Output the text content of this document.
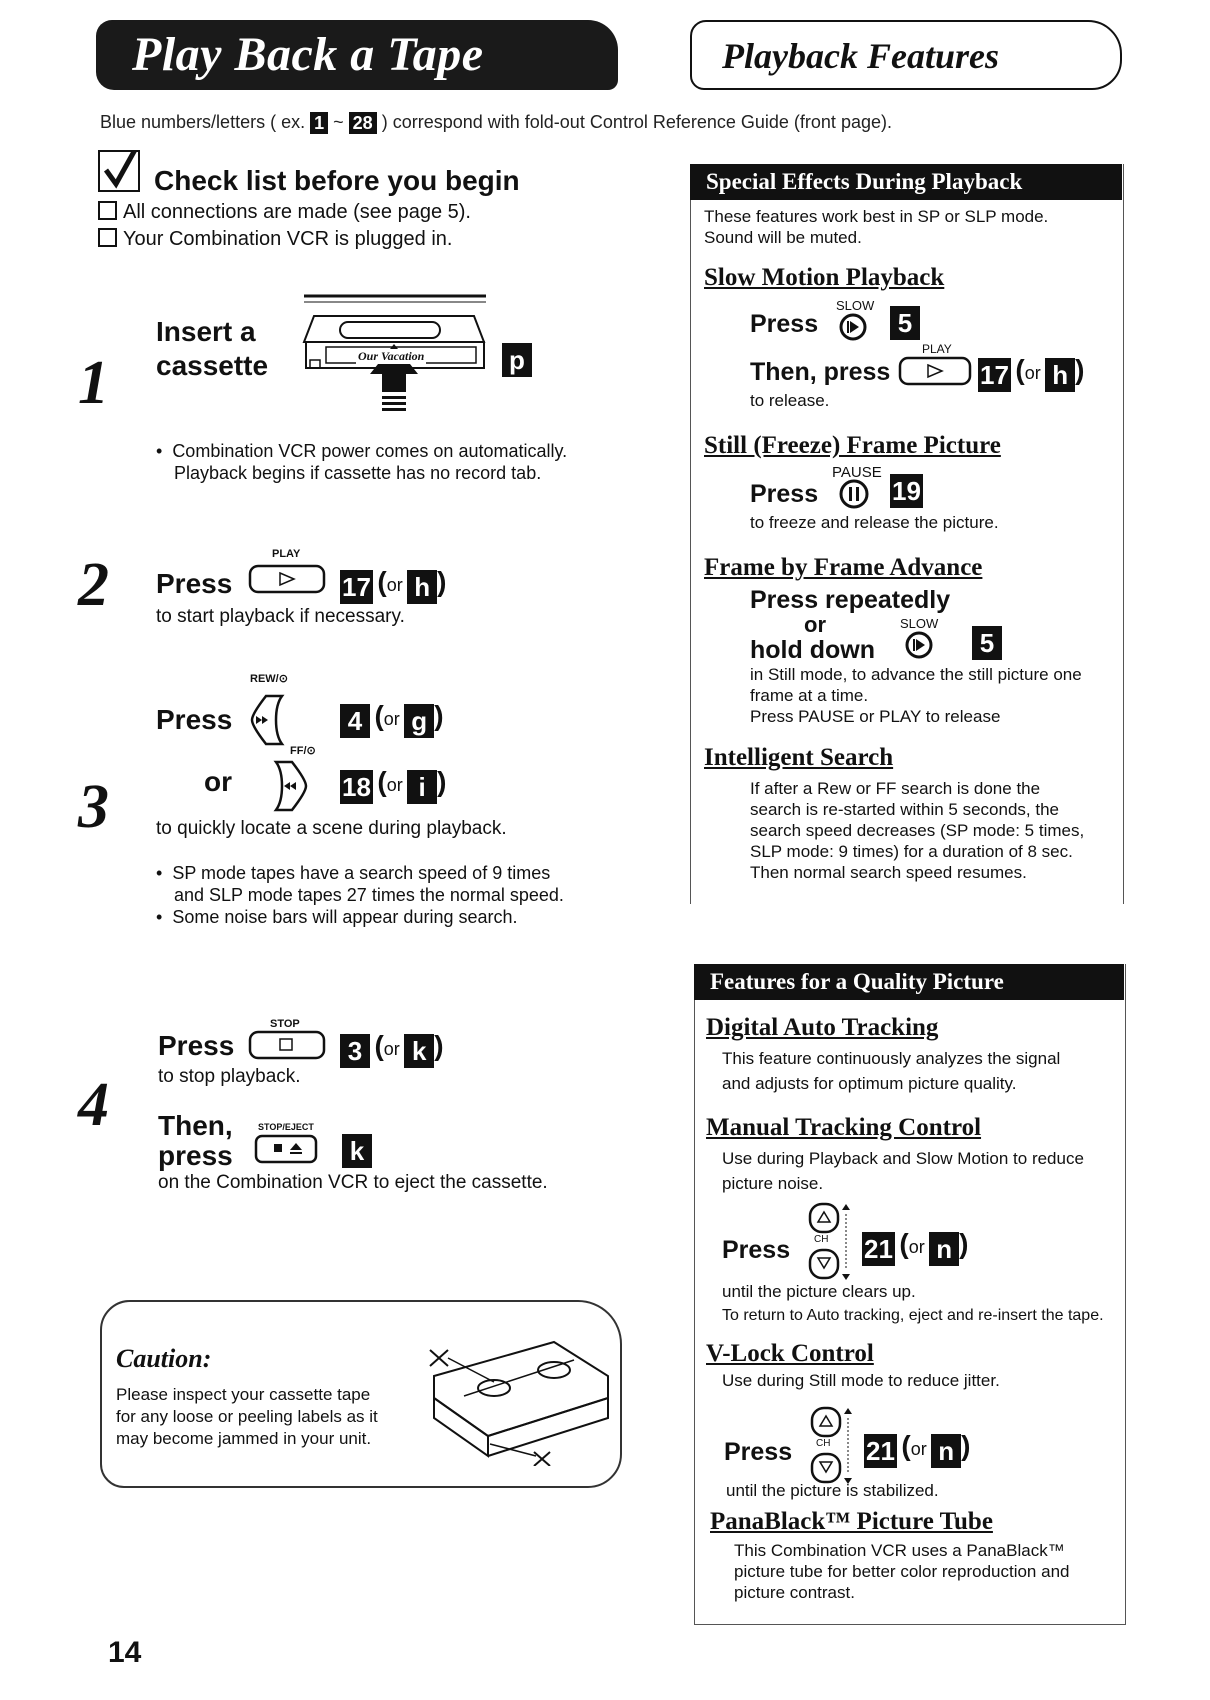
Play Back a Tape	Playback Features
Blue numbers/letters ( ex. 1 ~ 28 ) correspond with fold-out Control Reference Guide (front page).
Check list before you begin
All connections are made (see page 5).
Your Combination VCR is plugged in.
1
Insert a
cassette	Our Vacation	p
•  Combination VCR power comes on automatically.
Playback begins if cassette has no record tab.
2	PLAY
Press	17 (or h )
to start playback if necessary.
REW/⊙
Press	4 (or g )
FF/⊙
3	or	18 (or i )
to quickly locate a scene during playback.
•  SP mode tapes have a search speed of 9 times
and SLP mode tapes 27 times the normal speed.
•  Some noise bars will appear during search.
STOP
Press	3 (or k )
to stop playback.
4 Then,
press
STOP/EJECT
k
on the Combination VCR to eject the cassette.
Caution:
Please inspect your cassette tape
for any loose or peeling labels as it
may become jammed in your unit.
Special Effects During Playback
These features work best in SP or SLP mode.
Sound will be muted.
Slow Motion Playback
SLOW
Press	5
PLAY
Then, press	17 (or h )
to release.
Still (Freeze) Frame Picture
PAUSE
Press	19
to freeze and release the picture.
Frame by Frame Advance
Press repeatedly
or	SLOW
hold down	5
in Still mode, to advance the still picture one
frame at a time.
Press PAUSE or PLAY to release
Intelligent Search
If after a Rew or FF search is done the
search is re-started within 5 seconds, the
search speed decreases (SP mode: 5 times,
SLP mode: 9 times) for a duration of 8 sec.
Then normal search speed resumes.
Features for a Quality Picture
Digital Auto Tracking
This feature continuously analyzes the signal
and adjusts for optimum picture quality.
Manual Tracking Control
Use during Playback and Slow Motion to reduce
picture noise.
Press CH 21 (or n )
until the picture clears up.
To return to Auto tracking, eject and re-insert the tape.
V-Lock Control
Use during Still mode to reduce jitter.
Press CH 21 (or n )
until the picture is stabilized.
PanaBlack™ Picture Tube
This Combination VCR uses a PanaBlack™
picture tube for better color reproduction and
picture contrast.
14
